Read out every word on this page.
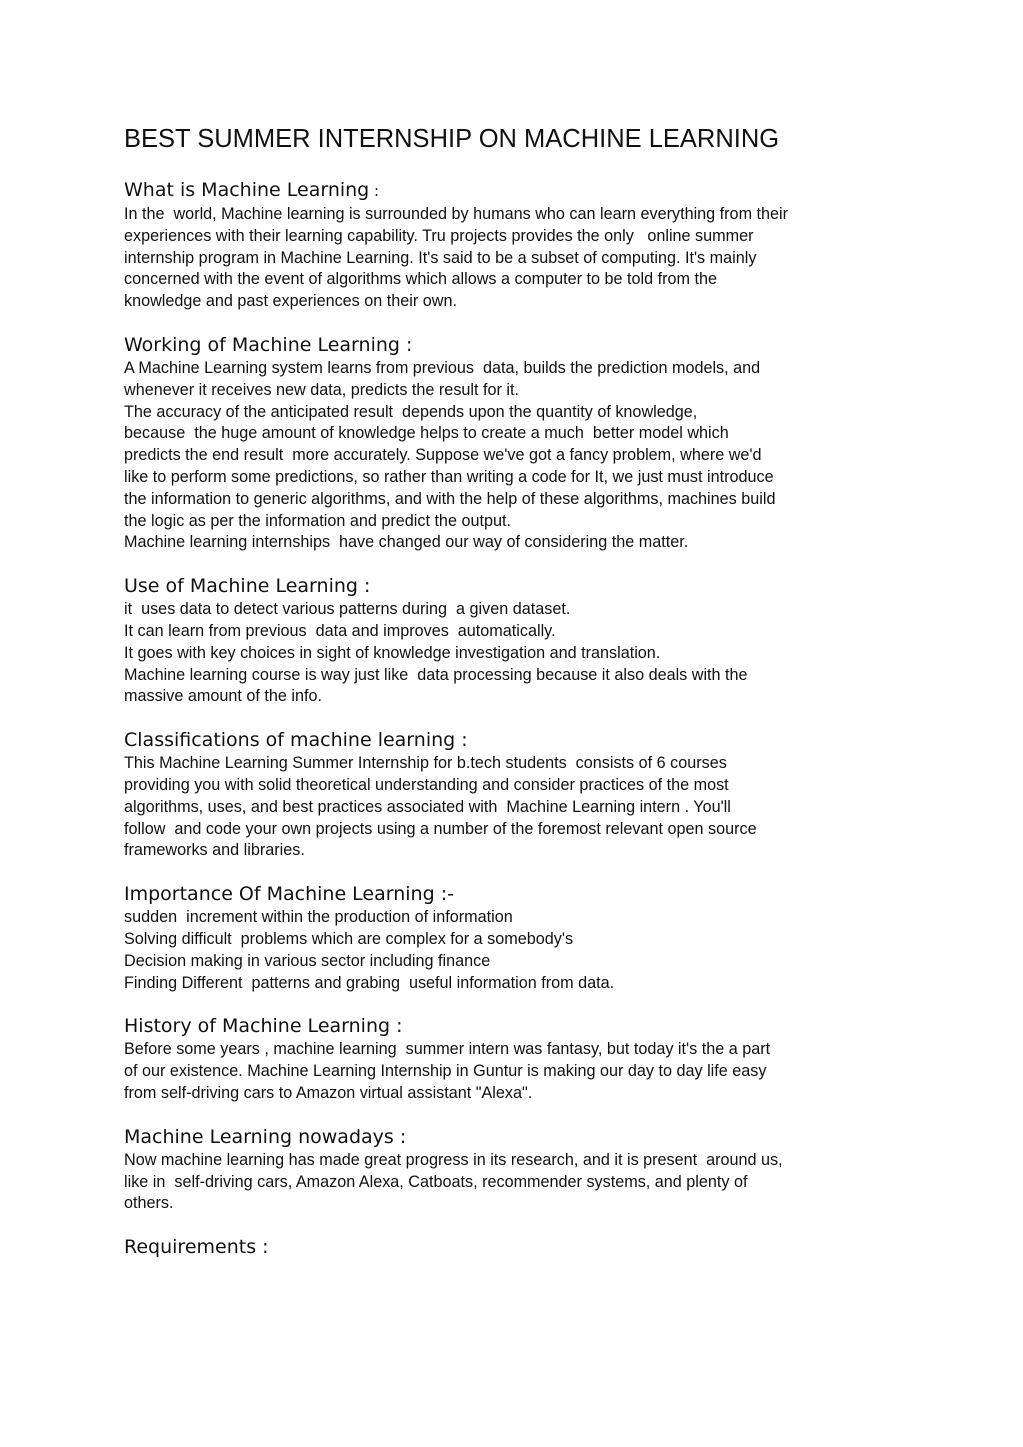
BEST SUMMER INTERNSHIP ON MACHINE LEARNING
What is Machine Learning :

In the  world, Machine learning is surrounded by humans who can learn everything from their

experiences with their learning capability. Tru projects provides the only   online summer

internship program in Machine Learning. It's said to be a subset of computing. It's mainly

concerned with the event of algorithms which allows a computer to be told from the

knowledge and past experiences on their own.

Working of Machine Learning :

A Machine Learning system learns from previous  data, builds the prediction models, and

whenever it receives new data, predicts the result for it.

The accuracy of the anticipated result  depends upon the quantity of knowledge,

because  the huge amount of knowledge helps to create a much  better model which

predicts the end result  more accurately. Suppose we've got a fancy problem, where we'd

like to perform some predictions, so rather than writing a code for It, we just must introduce

the information to generic algorithms, and with the help of these algorithms, machines build

the logic as per the information and predict the output.

Machine learning internships  have changed our way of considering the matter.

Use of Machine Learning :

it  uses data to detect various patterns during  a given dataset.

It can learn from previous  data and improves  automatically.

It goes with key choices in sight of knowledge investigation and translation.

Machine learning course is way just like  data processing because it also deals with the

massive amount of the info.

Classifications of machine learning :

This Machine Learning Summer Internship for b.tech students  consists of 6 courses

providing you with solid theoretical understanding and consider practices of the most

algorithms, uses, and best practices associated with  Machine Learning intern . You'll

follow  and code your own projects using a number of the foremost relevant open source

frameworks and libraries.

Importance Of Machine Learning :-

sudden  increment within the production of information

Solving difficult  problems which are complex for a somebody's

Decision making in various sector including finance

Finding Different  patterns and grabing  useful information from data.

History of Machine Learning :

Before some years , machine learning  summer intern was fantasy, but today it's the a part

of our existence. Machine Learning Internship in Guntur is making our day to day life easy

from self-driving cars to Amazon virtual assistant "Alexa".

Machine Learning nowadays :

Now machine learning has made great progress in its research, and it is present  around us,

like in  self-driving cars, Amazon Alexa, Catboats, recommender systems, and plenty of

others.

Requirements :
